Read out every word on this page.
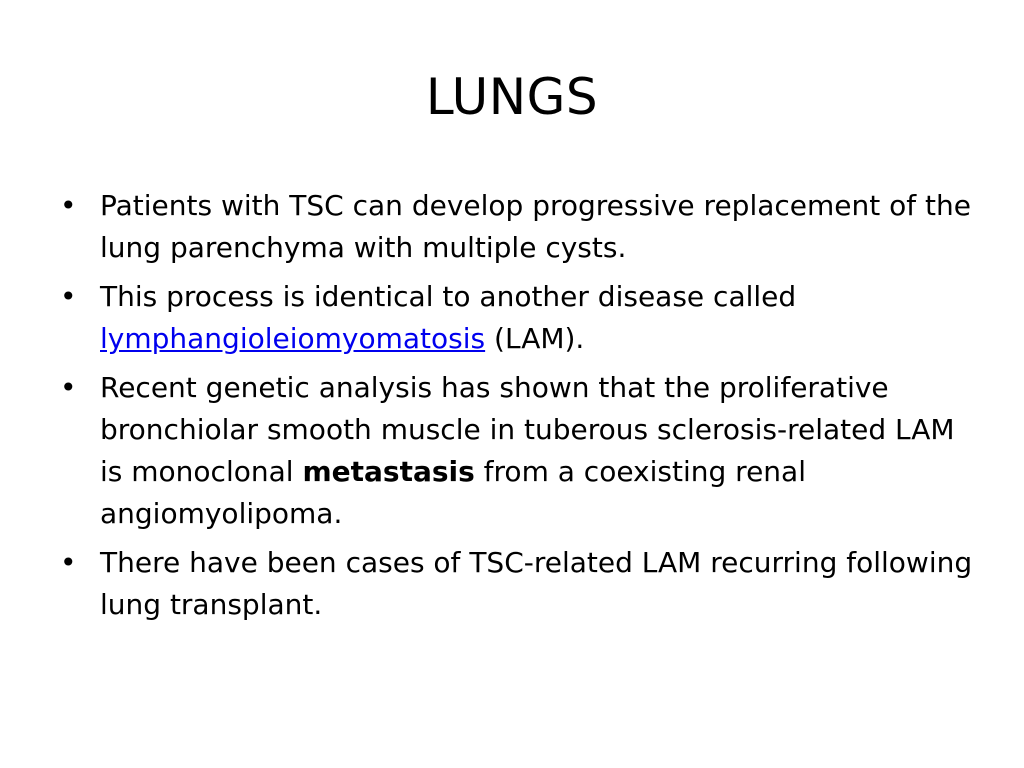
LUNGS
• Patients with TSC can develop progressive replacement of the lung parenchyma with multiple cysts.
• This process is identical to another disease called lymphangioleiomyomatosis (LAM).
• Recent genetic analysis has shown that the proliferative bronchiolar smooth muscle in tuberous sclerosis-related LAM is monoclonal metastasis from a coexisting renal angiomyolipoma.
• There have been cases of TSC-related LAM recurring following lung transplant.
